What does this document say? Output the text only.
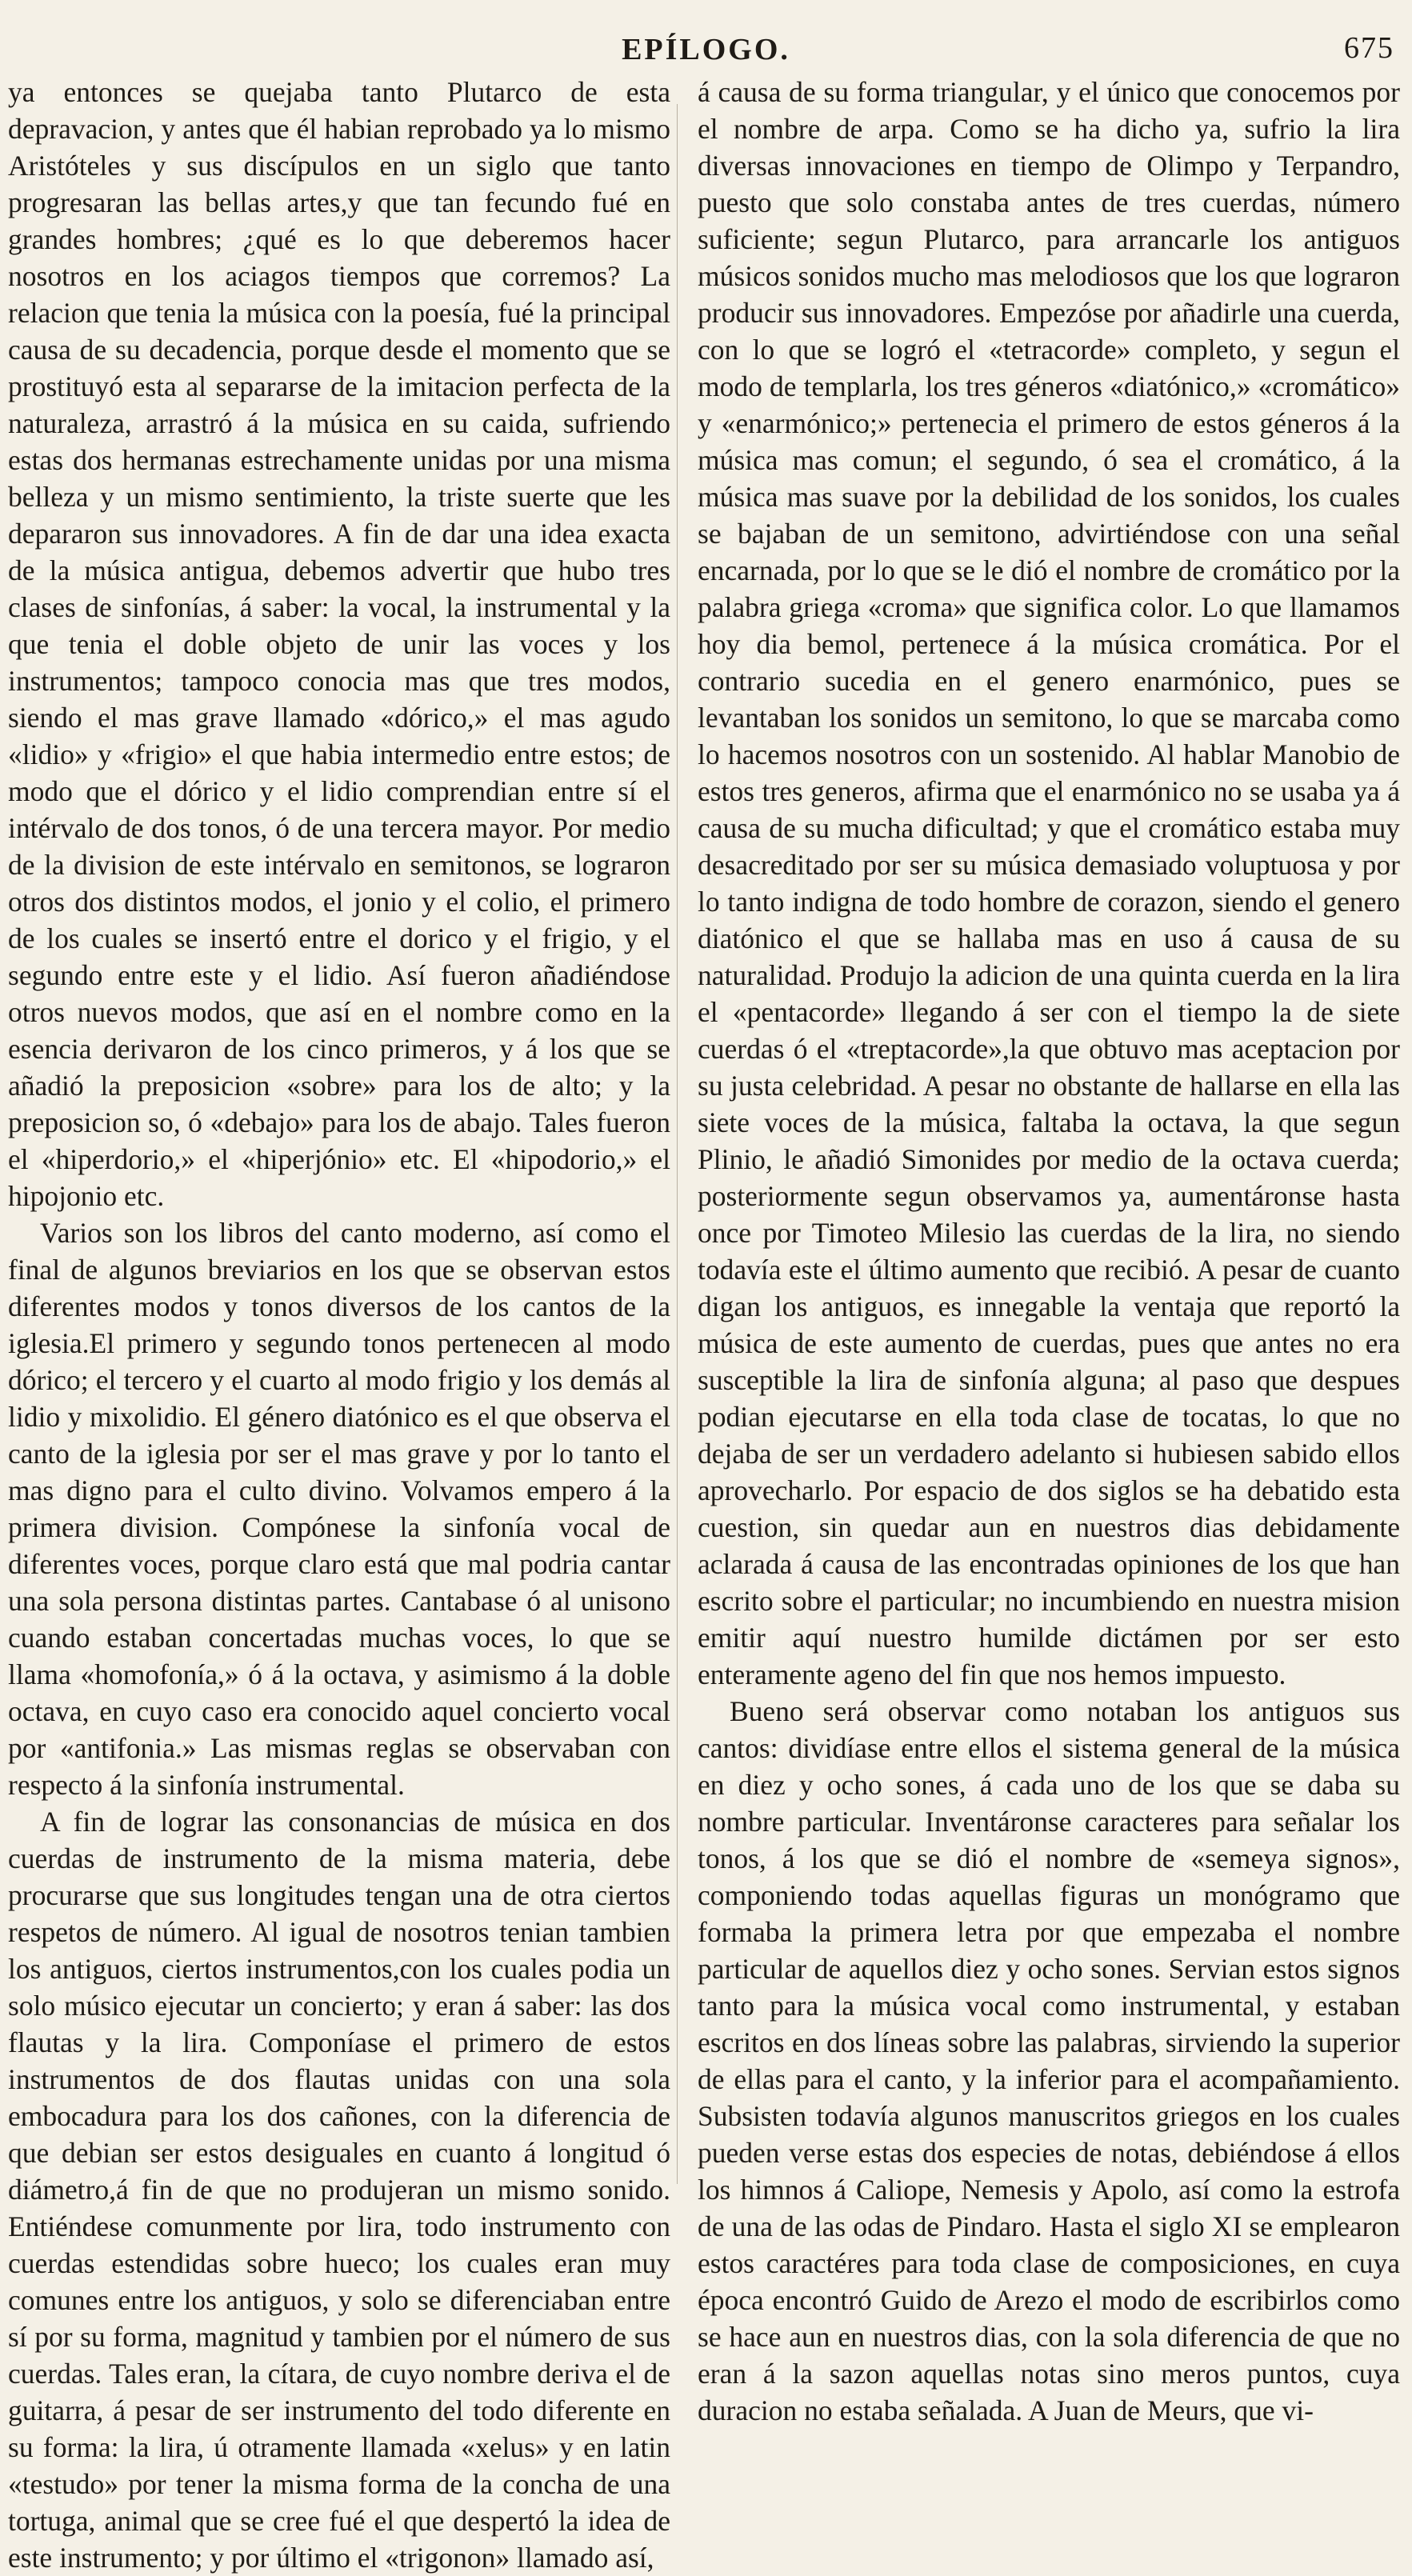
EPÍLOGO.	675

ya entonces se quejaba tanto Plutarco de esta depravacion, y antes que él habian reprobado ya lo mismo Aristóteles y sus discípulos en un siglo que tanto progresaran las bellas artes,y que tan fecundo fué en grandes hombres; ¿qué es lo que deberemos hacer nosotros en los aciagos tiempos que corremos? La relacion que tenia la música con la poesía, fué la principal causa de su decadencia, porque desde el momento que se prostituyó esta al separarse de la imitacion perfecta de la naturaleza, arrastró á la música en su caida, sufriendo estas dos hermanas estrechamente unidas por una misma belleza y un mismo sentimiento, la triste suerte que les depararon sus innovadores. A fin de dar una idea exacta de la música antigua, debemos advertir que hubo tres clases de sinfonías, á saber: la vocal, la instrumental y la que tenia el doble objeto de unir las voces y los instrumentos; tampoco conocia mas que tres modos, siendo el mas grave llamado «dórico,» el mas agudo «lidio» y «frigio» el que habia intermedio entre estos; de modo que el dórico y el lidio comprendian entre sí el intérvalo de dos tonos, ó de una tercera mayor. Por medio de la division de este intérvalo en semitonos, se lograron otros dos distintos modos, el jonio y el colio, el primero de los cuales se insertó entre el dorico y el frigio, y el segundo entre este y el lidio. Así fueron añadiéndose otros nuevos modos, que así en el nombre como en la esencia derivaron de los cinco primeros, y á los que se añadió la preposicion «sobre» para los de alto; y la preposicion so, ó «debajo» para los de abajo. Tales fueron el «hiperdorio,» el «hiperjónio» etc. El «hipodorio,» el hipojonio etc.

Varios son los libros del canto moderno, así como el final de algunos breviarios en los que se observan estos diferentes modos y tonos diversos de los cantos de la iglesia.El primero y segundo tonos pertenecen al modo dórico; el tercero y el cuarto al modo frigio y los demás al lidio y mixolidio. El género diatónico es el que observa el canto de la iglesia por ser el mas grave y por lo tanto el mas digno para el culto divino. Volvamos empero á la primera division. Compónese la sinfonía vocal de diferentes voces, porque claro está que mal podria cantar una sola persona distintas partes. Cantabase ó al unisono cuando estaban concertadas muchas voces, lo que se llama «homofonía,» ó á la octava, y asimismo á la doble octava, en cuyo caso era conocido aquel concierto vocal por «antifonia.» Las mismas reglas se observaban con respecto á la sinfonía instrumental.

A fin de lograr las consonancias de música en dos cuerdas de instrumento de la misma materia, debe procurarse que sus longitudes tengan una de otra ciertos respetos de número. Al igual de nosotros tenian tambien los antiguos, ciertos instrumentos,con los cuales podia un solo músico ejecutar un concierto; y eran á saber: las dos flautas y la lira. Componíase el primero de estos instrumentos de dos flautas unidas con una sola embocadura para los dos cañones, con la diferencia de que debian ser estos desiguales en cuanto á longitud ó diámetro,á fin de que no produjeran un mismo sonido. Entiéndese comunmente por lira, todo instrumento con cuerdas estendidas sobre hueco; los cuales eran muy comunes entre los antiguos, y solo se diferenciaban entre sí por su forma, magnitud y tambien por el número de sus cuerdas. Tales eran, la cítara, de cuyo nombre deriva el de guitarra, á pesar de ser instrumento del todo diferente en su forma: la lira, ú otramente llamada «xelus» y en latin «testudo» por tener la misma forma de la concha de una tortuga, animal que se cree fué el que despertó la idea de este instrumento; y por último el «trigonon» llamado así,

á causa de su forma triangular, y el único que conocemos por el nombre de arpa. Como se ha dicho ya, sufrio la lira diversas innovaciones en tiempo de Olimpo y Terpandro, puesto que solo constaba antes de tres cuerdas, número suficiente; segun Plutarco, para arrancarle los antiguos músicos sonidos mucho mas melodiosos que los que lograron producir sus innovadores. Empezóse por añadirle una cuerda, con lo que se logró el «tetracorde» completo, y segun el modo de templarla, los tres géneros «diatónico,» «cromático» y «enarmónico;» pertenecia el primero de estos géneros á la música mas comun; el segundo, ó sea el cromático, á la música mas suave por la debilidad de los sonidos, los cuales se bajaban de un semitono, advirtiéndose con una señal encarnada, por lo que se le dió el nombre de cromático por la palabra griega «croma» que significa color. Lo que llamamos hoy dia bemol, pertenece á la música cromática. Por el contrario sucedia en el genero enarmónico, pues se levantaban los sonidos un semitono, lo que se marcaba como lo hacemos nosotros con un sostenido. Al hablar Manobio de estos tres generos, afirma que el enarmónico no se usaba ya á causa de su mucha dificultad; y que el cromático estaba muy desacreditado por ser su música demasiado voluptuosa y por lo tanto indigna de todo hombre de corazon, siendo el genero diatónico el que se hallaba mas en uso á causa de su naturalidad. Produjo la adicion de una quinta cuerda en la lira el «pentacorde» llegando á ser con el tiempo la de siete cuerdas ó el «treptacorde»,la que obtuvo mas aceptacion por su justa celebridad. A pesar no obstante de hallarse en ella las siete voces de la música, faltaba la octava, la que segun Plinio, le añadió Simonides por medio de la octava cuerda; posteriormente segun observamos ya, aumentáronse hasta once por Timoteo Milesio las cuerdas de la lira, no siendo todavía este el último aumento que recibió. A pesar de cuanto digan los antiguos, es innegable la ventaja que reportó la música de este aumento de cuerdas, pues que antes no era susceptible la lira de sinfonía alguna; al paso que despues podian ejecutarse en ella toda clase de tocatas, lo que no dejaba de ser un verdadero adelanto si hubiesen sabido ellos aprovecharlo. Por espacio de dos siglos se ha debatido esta cuestion, sin quedar aun en nuestros dias debidamente aclarada á causa de las encontradas opiniones de los que han escrito sobre el particular; no incumbiendo en nuestra mision emitir aquí nuestro humilde dictámen por ser esto enteramente ageno del fin que nos hemos impuesto.

Bueno será observar como notaban los antiguos sus cantos: dividíase entre ellos el sistema general de la música en diez y ocho sones, á cada uno de los que se daba su nombre particular. Inventáronse caracteres para señalar los tonos, á los que se dió el nombre de «semeya signos», componiendo todas aquellas figuras un monógramo que formaba la primera letra por que empezaba el nombre particular de aquellos diez y ocho sones. Servian estos signos tanto para la música vocal como instrumental, y estaban escritos en dos líneas sobre las palabras, sirviendo la superior de ellas para el canto, y la inferior para el acompañamiento. Subsisten todavía algunos manuscritos griegos en los cuales pueden verse estas dos especies de notas, debiéndose á ellos los himnos á Caliope, Nemesis y Apolo, así como la estrofa de una de las odas de Pindaro. Hasta el siglo XI se emplearon estos caractéres para toda clase de composiciones, en cuya época encontró Guido de Arezo el modo de escribirlos como se hace aun en nuestros dias, con la sola diferencia de que no eran á la sazon aquellas notas sino meros puntos, cuya duracion no estaba señalada. A Juan de Meurs, que vi-
